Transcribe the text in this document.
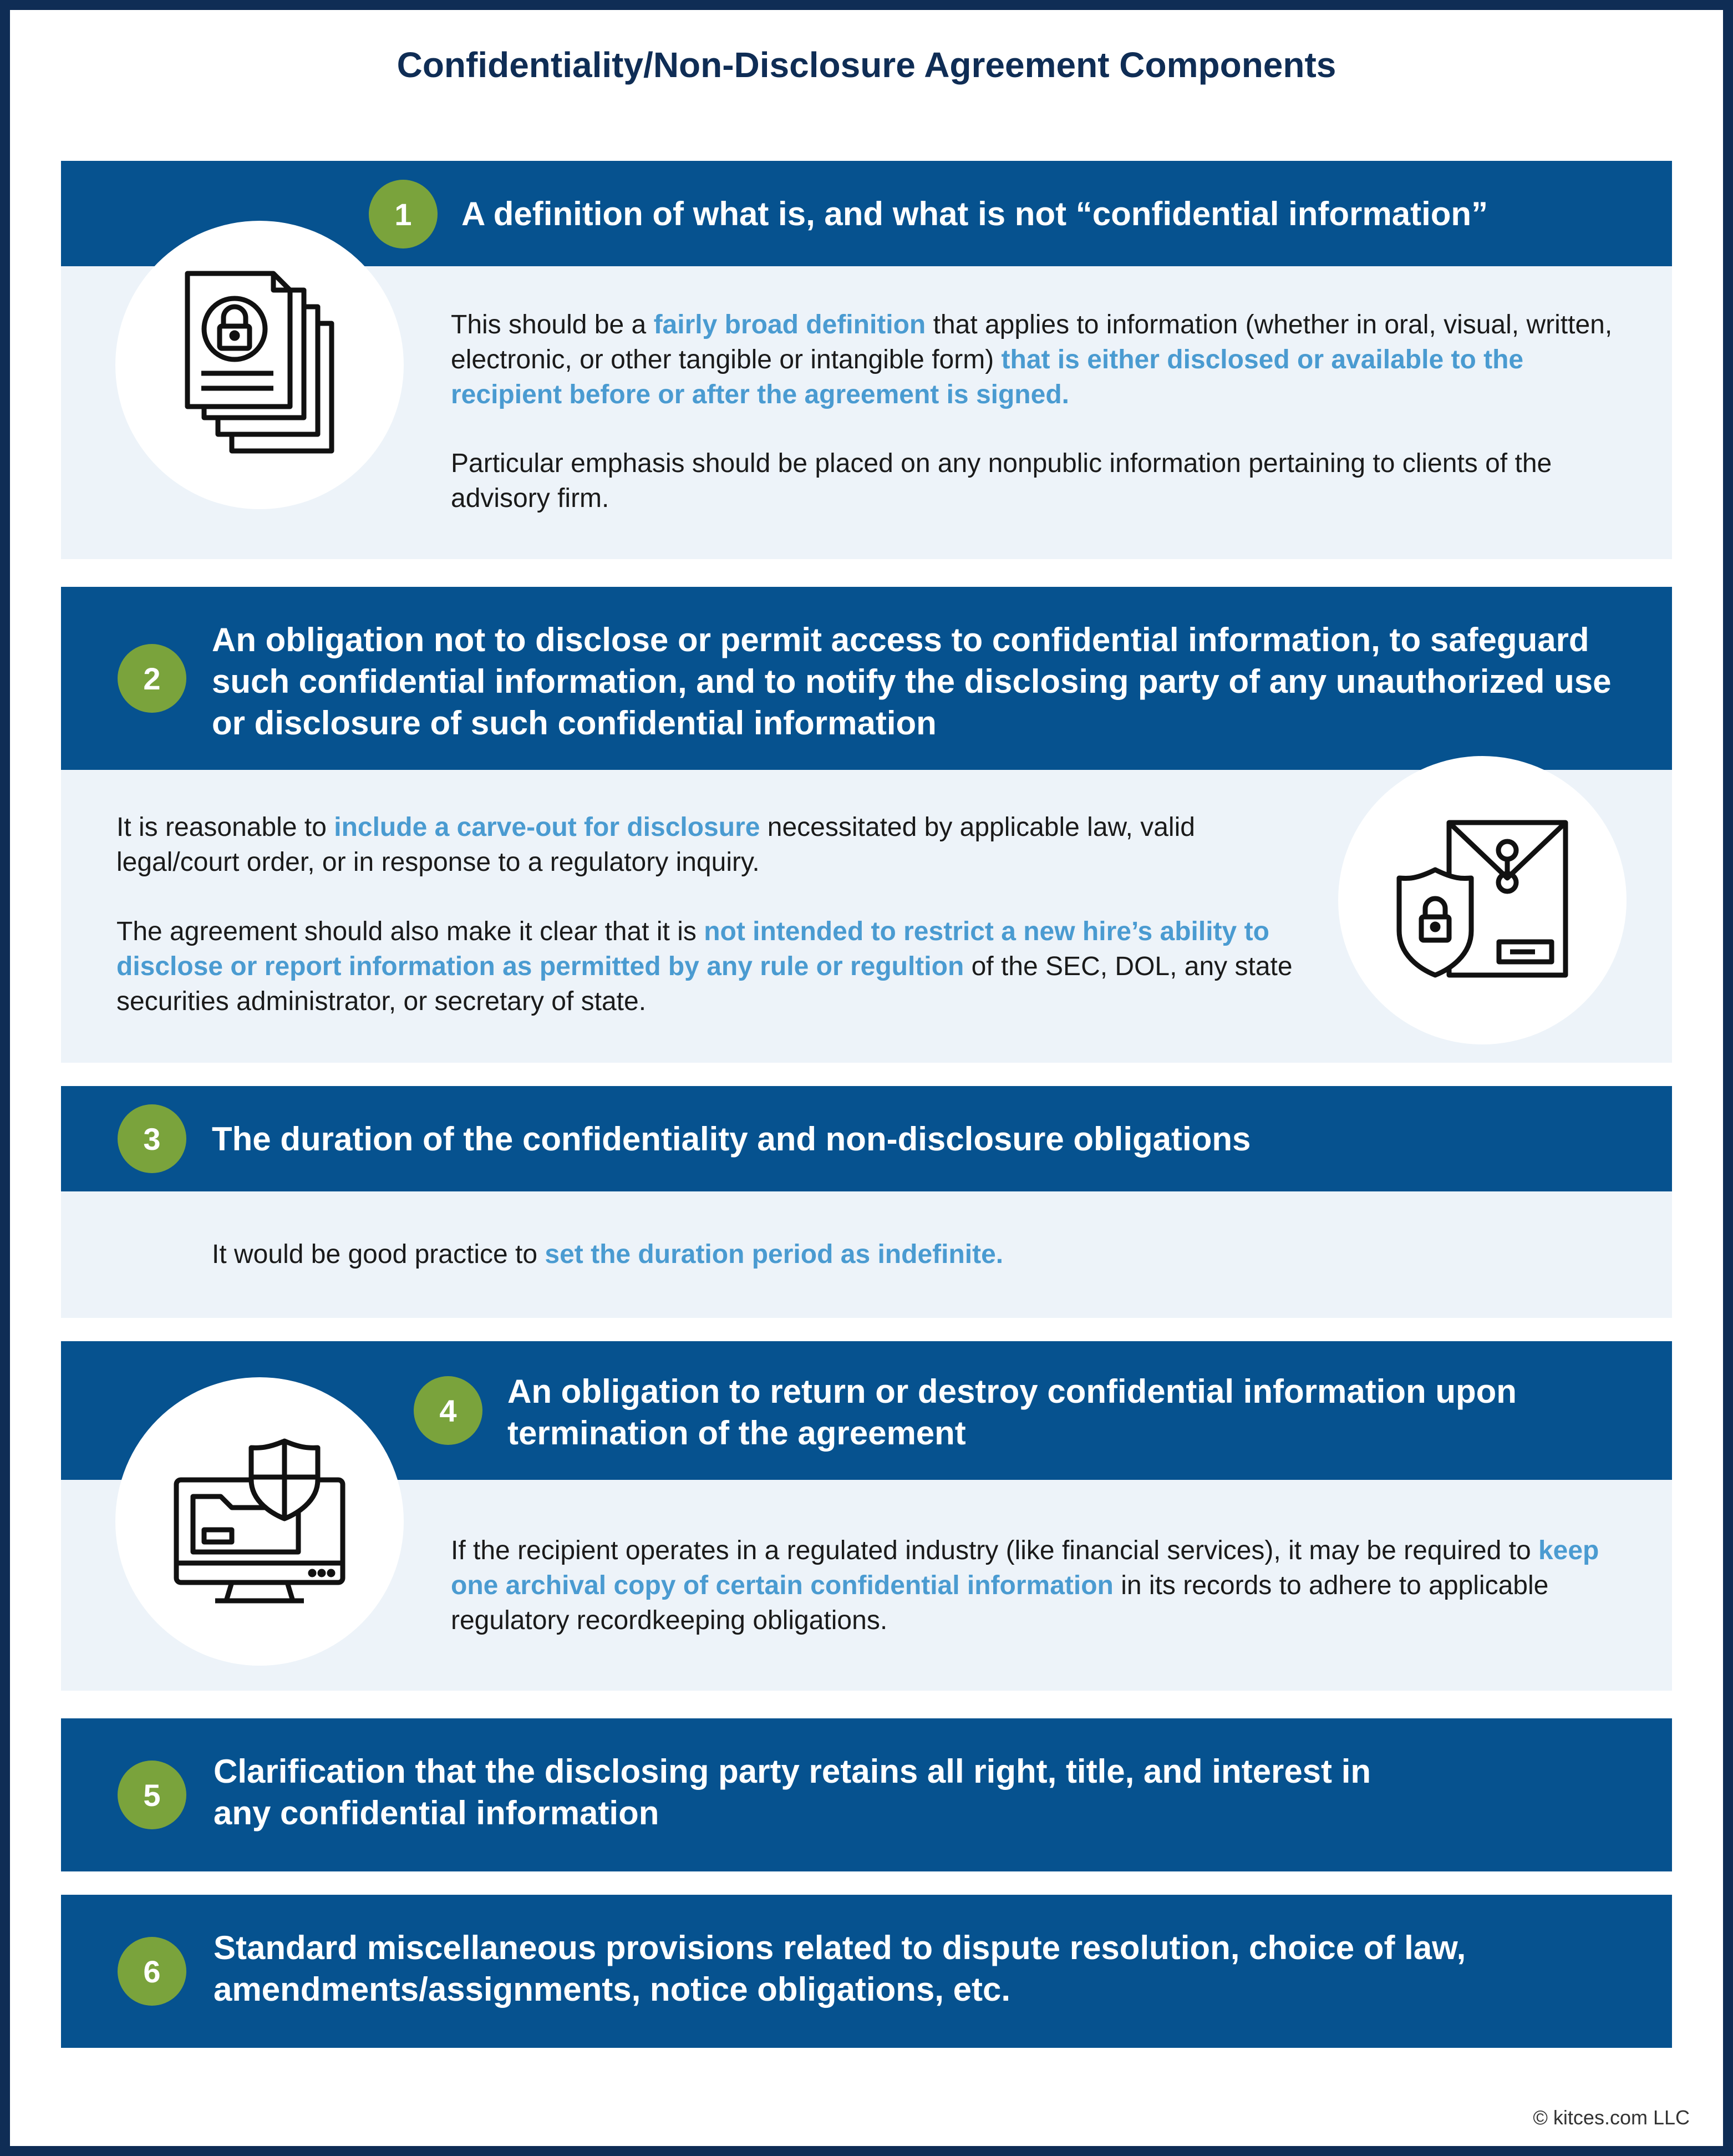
Confidentiality/Non-Disclosure Agreement Components
1	A definition of what is, and what is not “confidential information”
This should be a fairly broad definition that applies to information (whether in oral, visual, written, electronic, or other tangible or intangible form) that is either disclosed or available to the recipient before or after the agreement is signed.
Particular emphasis should be placed on any nonpublic information pertaining to clients of the advisory firm.
2
An obligation not to disclose or permit access to confidential information, to safeguard such confidential information, and to notify the disclosing party of any unauthorized use or disclosure of such confidential information
It is reasonable to include a carve-out for disclosure necessitated by applicable law, valid legal/court order, or in response to a regulatory inquiry.
The agreement should also make it clear that it is not intended to restrict a new hire’s ability to disclose or report information as permitted by any rule or regultion of the SEC, DOL, any state securities administrator, or secretary of state.
3	The duration of the confidentiality and non-disclosure obligations
It would be good practice to set the duration period as indefinite.
4
An obligation to return or destroy confidential information upon termination of the agreement
If the recipient operates in a regulated industry (like financial services), it may be required to keep one archival copy of certain confidential information in its records to adhere to applicable regulatory recordkeeping obligations.
5
Clarification that the disclosing party retains all right, title, and interest in any confidential information
6
Standard miscellaneous provisions related to dispute resolution, choice of law, amendments/assignments, notice obligations, etc.
© kitces.com LLC
